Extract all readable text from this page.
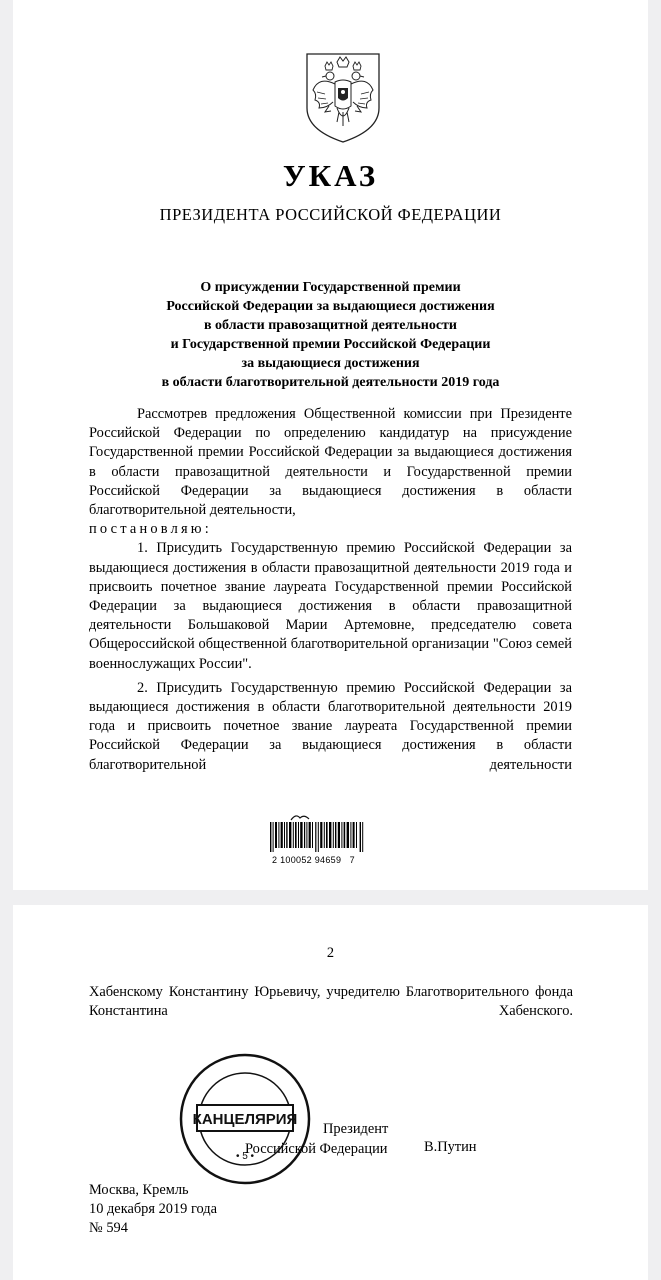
УКАЗ
ПРЕЗИДЕНТА РОССИЙСКОЙ ФЕДЕРАЦИИ
О присуждении Государственной премии
Российской Федерации за выдающиеся достижения
в области правозащитной деятельности
и Государственной премии Российской Федерации
за выдающиеся достижения
в области благотворительной деятельности 2019 года

Рассмотрев предложения Общественной комиссии при Президенте Российской Федерации по определению кандидатур на присуждение Государственной премии Российской Федерации за выдающиеся достижения в области правозащитной деятельности и Государственной премии Российской Федерации за выдающиеся достижения в области благотворительной деятельности,

постановляю:

1. Присудить Государственную премию Российской Федерации за выдающиеся достижения в области правозащитной деятельности 2019 года и присвоить почетное звание лауреата Государственной премии Российской Федерации за выдающиеся достижения в области правозащитной деятельности Большаковой Марии Артемовне, председателю совета Общероссийской общественной благотворительной организации "Союз семей военнослужащих России".

2. Присудить Государственную премию Российской Федерации за выдающиеся достижения в области благотворительной деятельности 2019 года и присвоить почетное звание лауреата Государственной премии Российской Федерации за выдающиеся достижения в области благотворительной деятельности

2 100052 94659   7
2

Хабенскому Константину Юрьевичу, учредителю Благотворительного фонда Константина Хабенского.

КАНЦЕЛЯРИЯ
• 5 •
Президент
Российской Федерации	В.Путин
Москва, Кремль
10 декабря 2019 года
№ 594
